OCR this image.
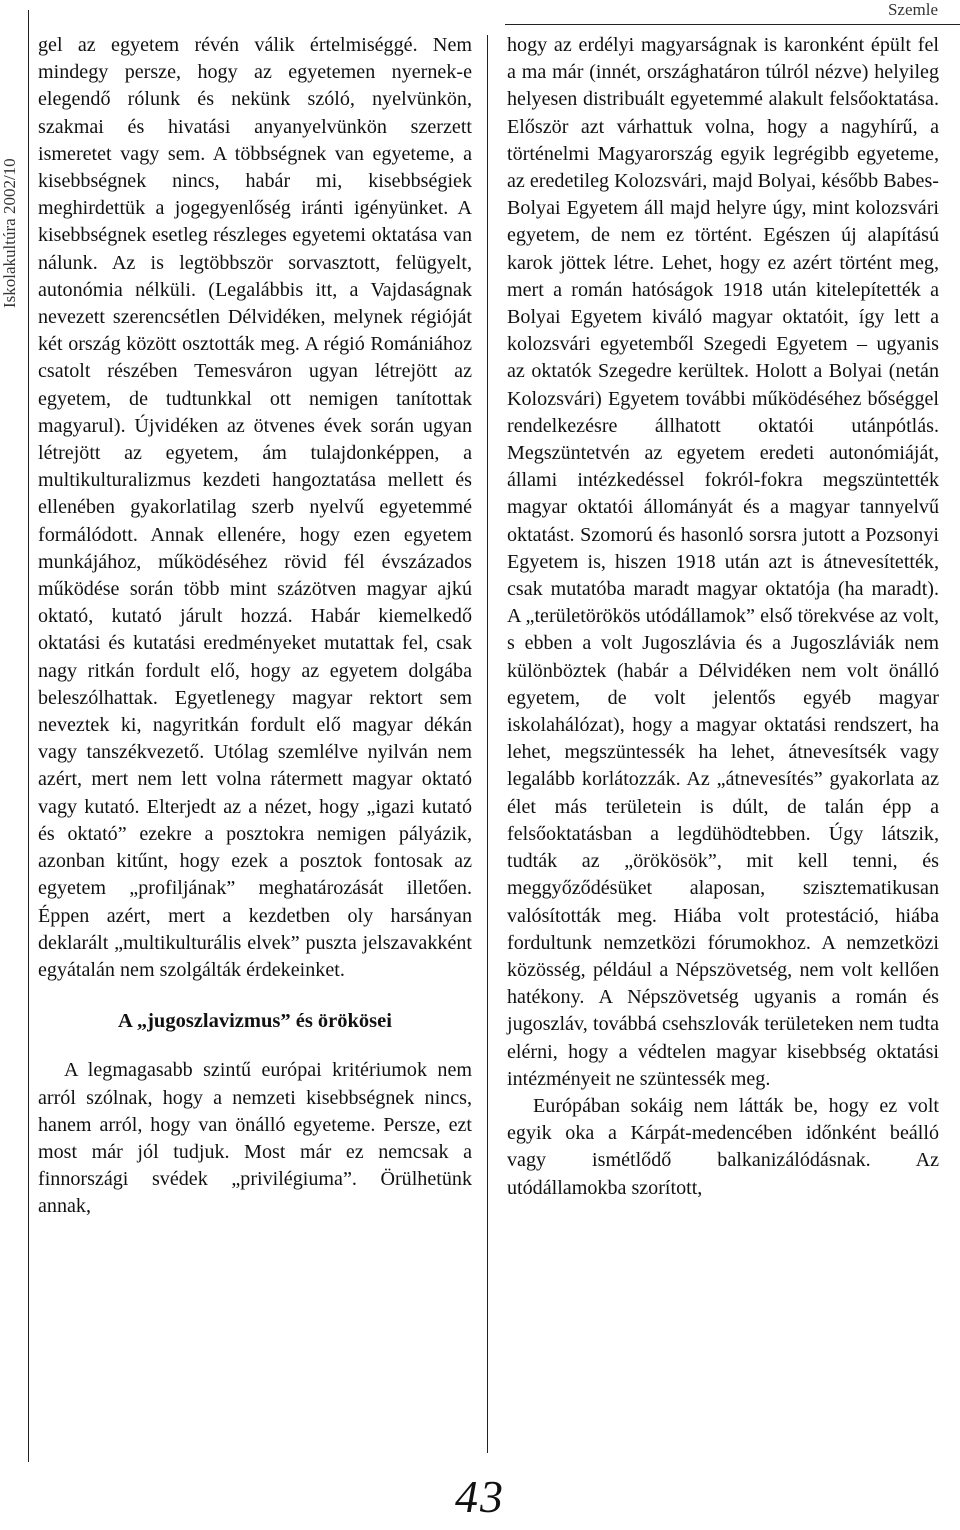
Iskolakultúra 2002/10
Szemle

gel az egyetem révén válik értelmiséggé. Nem mindegy persze, hogy az egyetemen nyernek-e elegendő rólunk és nekünk szóló, nyelvünkön, szakmai és hivatási anyanyelvünkön szerzett ismeretet vagy sem. A többségnek van egyeteme, a kisebbségnek nincs, habár mi, kisebbségiek meghirdettük a jogegyenlőség iránti igényünket. A kisebbségnek esetleg részleges egyetemi oktatása van nálunk. Az is legtöbbször sorvasztott, felügyelt, autonómia nélküli. (Legalábbis itt, a Vajdaságnak nevezett szerencsétlen Délvidéken, melynek régióját két ország között osztották meg. A régió Romániához csatolt részében Temesváron ugyan létrejött az egyetem, de tudtunkkal ott nemigen tanítottak magyarul). Újvidéken az ötvenes évek során ugyan létrejött az egyetem, ám tulajdonképpen, a multikulturalizmus kezdeti hangoztatása mellett és ellenében gyakorlatilag szerb nyelvű egyetemmé formálódott. Annak ellenére, hogy ezen egyetem munkájához, működéséhez rövid fél évszázados működése során több mint százötven magyar ajkú oktató, kutató járult hozzá. Habár kiemelkedő oktatási és kutatási eredményeket mutattak fel, csak nagy ritkán fordult elő, hogy az egyetem dolgába beleszólhattak. Egyetlenegy magyar rektort sem neveztek ki, nagyritkán fordult elő magyar dékán vagy tanszékvezető. Utólag szemlélve nyilván nem azért, mert nem lett volna rátermett magyar oktató vagy kutató. Elterjedt az a nézet, hogy „igazi kutató és oktató” ezekre a posztokra nemigen pályázik, azonban kitűnt, hogy ezek a posztok fontosak az egyetem „profiljának” meghatározását illetően. Éppen azért, mert a kezdetben oly harsányan deklarált „multikulturális elvek” puszta jelszavakként egyátalán nem szolgálták érdekeinket.

A „jugoszlavizmus” és örökösei

A legmagasabb szintű európai kritériumok nem arról szólnak, hogy a nemzeti kisebbségnek nincs, hanem arról, hogy van önálló egyeteme. Persze, ezt most már jól tudjuk. Most már ez nemcsak a finnországi svédek „privilégiuma”. Örülhetünk annak,

hogy az erdélyi magyarságnak is karonként épült fel a ma már (innét, országhatáron túlról nézve) helyileg helyesen distribuált egyetemmé alakult felsőoktatása. Először azt várhattuk volna, hogy a nagyhírű, a történelmi Magyarország egyik legrégibb egyeteme, az eredetileg Kolozsvári, majd Bolyai, később Babes-Bolyai Egyetem áll majd helyre úgy, mint kolozsvári egyetem, de nem ez történt. Egészen új alapítású karok jöttek létre. Lehet, hogy ez azért történt meg, mert a román hatóságok 1918 után kitelepítették a Bolyai Egyetem kiváló magyar oktatóit, így lett a kolozsvári egyetemből Szegedi Egyetem – ugyanis az oktatók Szegedre kerültek. Holott a Bolyai (netán Kolozsvári) Egyetem további működéséhez bőséggel rendelkezésre állhatott oktatói utánpótlás. Megszüntetvén az egyetem eredeti autonómiáját, állami intézkedéssel fokról-fokra megszüntették magyar oktatói állományát és a magyar tannyelvű oktatást. Szomorú és hasonló sorsra jutott a Pozsonyi Egyetem is, hiszen 1918 után azt is átnevesítették, csak mutatóba maradt magyar oktatója (ha maradt). A „területörökös utódállamok” első törekvése az volt, s ebben a volt Jugoszlávia és a Jugoszláviák nem különböztek (habár a Délvidéken nem volt önálló egyetem, de volt jelentős egyéb magyar iskolahálózat), hogy a magyar oktatási rendszert, ha lehet, megszüntessék ha lehet, átnevesítsék vagy legalább korlátozzák. Az „átnevesítés” gyakorlata az élet más területein is dúlt, de talán épp a felsőoktatásban a legdühödtebben. Úgy látszik, tudták az „örökösök”, mit kell tenni, és meggyőződésüket alaposan, szisztematikusan valósították meg. Hiába volt protestáció, hiába fordultunk nemzetközi fórumokhoz. A nemzetközi közösség, például a Népszövetség, nem volt kellően hatékony. A Népszövetség ugyanis a román és jugoszláv, továbbá csehszlovák területeken nem tudta elérni, hogy a védtelen magyar kisebbség oktatási intézményeit ne szüntessék meg.

Európában sokáig nem látták be, hogy ez volt egyik oka a Kárpát-medencében időnként beálló vagy ismétlődő balkanizálódásnak. Az utódállamokba szorított,

43
